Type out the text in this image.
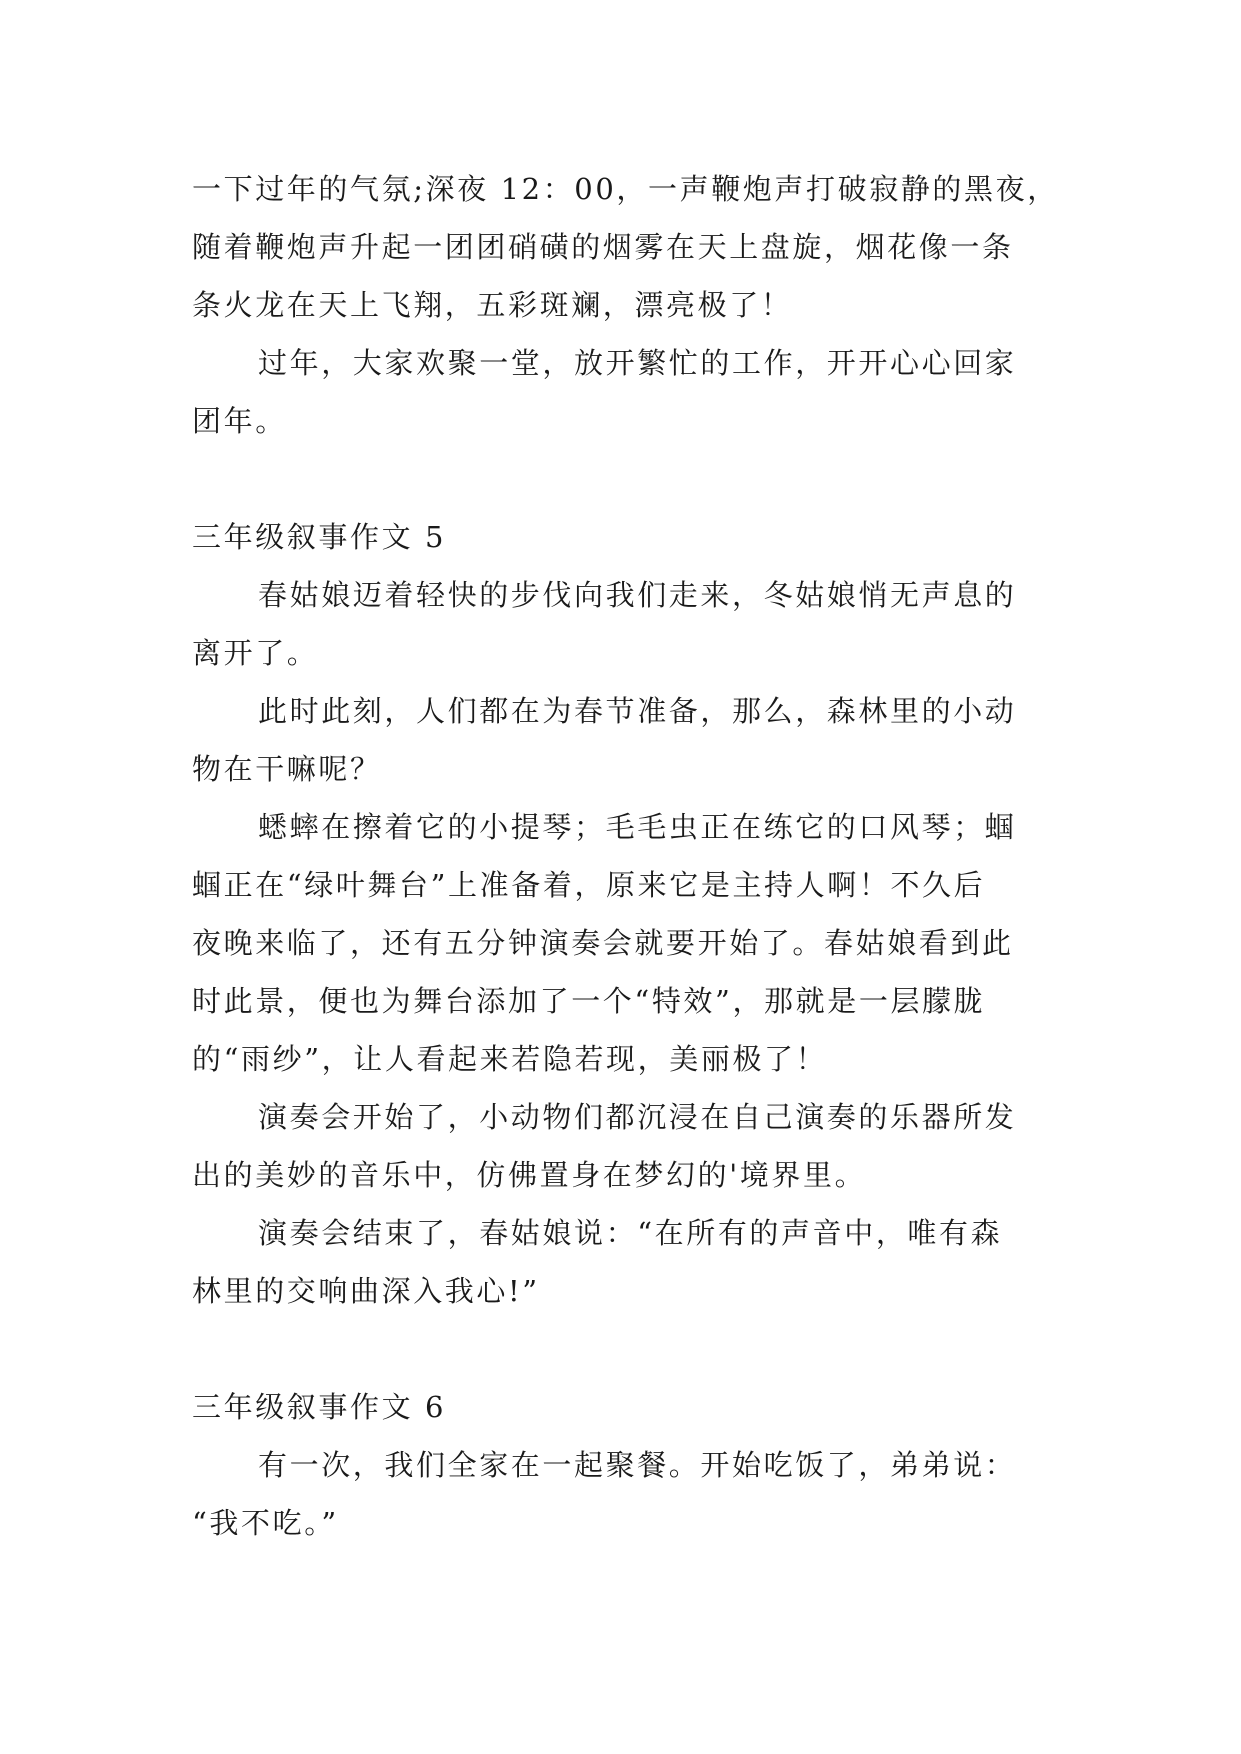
一下过年的气氛;深夜 12：00，一声鞭炮声打破寂静的黑夜，

随着鞭炮声升起一团团硝磺的烟雾在天上盘旋，烟花像一条

条火龙在天上飞翔，五彩斑斓，漂亮极了！

过年，大家欢聚一堂，放开繁忙的工作，开开心心回家

团年。

三年级叙事作文 5

春姑娘迈着轻快的步伐向我们走来，冬姑娘悄无声息的

离开了。

此时此刻，人们都在为春节准备，那么，森林里的小动

物在干嘛呢？

蟋蟀在擦着它的小提琴；毛毛虫正在练它的口风琴；蝈

蝈正在“绿叶舞台”上准备着，原来它是主持人啊！不久后

夜晚来临了，还有五分钟演奏会就要开始了。春姑娘看到此

时此景，便也为舞台添加了一个“特效”，那就是一层朦胧

的“雨纱”，让人看起来若隐若现，美丽极了！

演奏会开始了，小动物们都沉浸在自己演奏的乐器所发

出的美妙的音乐中，仿佛置身在梦幻的'境界里。

演奏会结束了，春姑娘说：“在所有的声音中，唯有森

林里的交响曲深入我心!”

三年级叙事作文 6

有一次，我们全家在一起聚餐。开始吃饭了，弟弟说：

“我不吃。”
